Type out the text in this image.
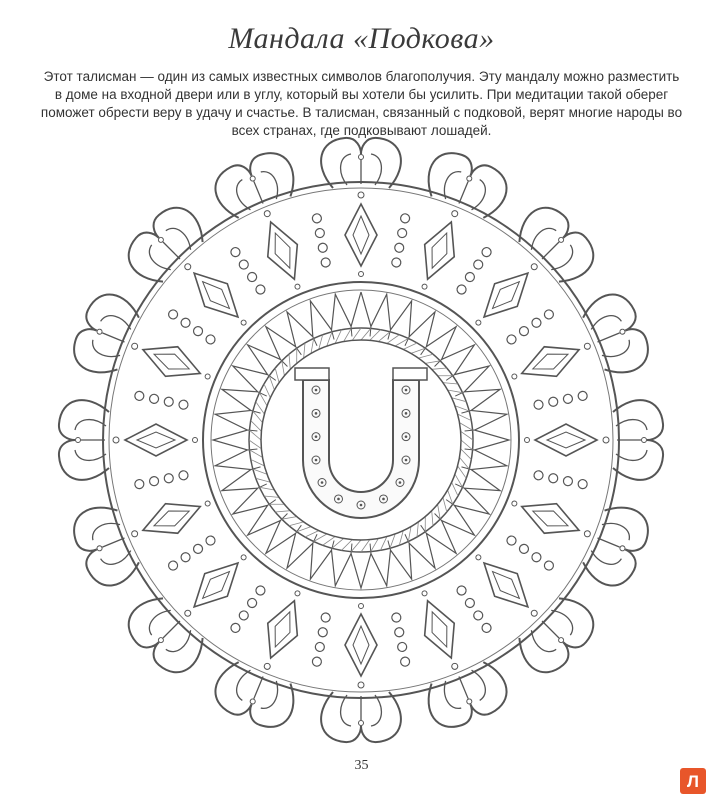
Мандала «Подкова»
Этот талисман — один из самых известных символов благополучия. Эту мандалу можно разместить в доме на входной двери или в углу, который вы хотели бы усилить. При медитации такой оберег поможет обрести веру в удачу и счастье. В талисман, связанный с подковой, верят многие народы во всех странах, где подковывают лошадей.
35
Л
